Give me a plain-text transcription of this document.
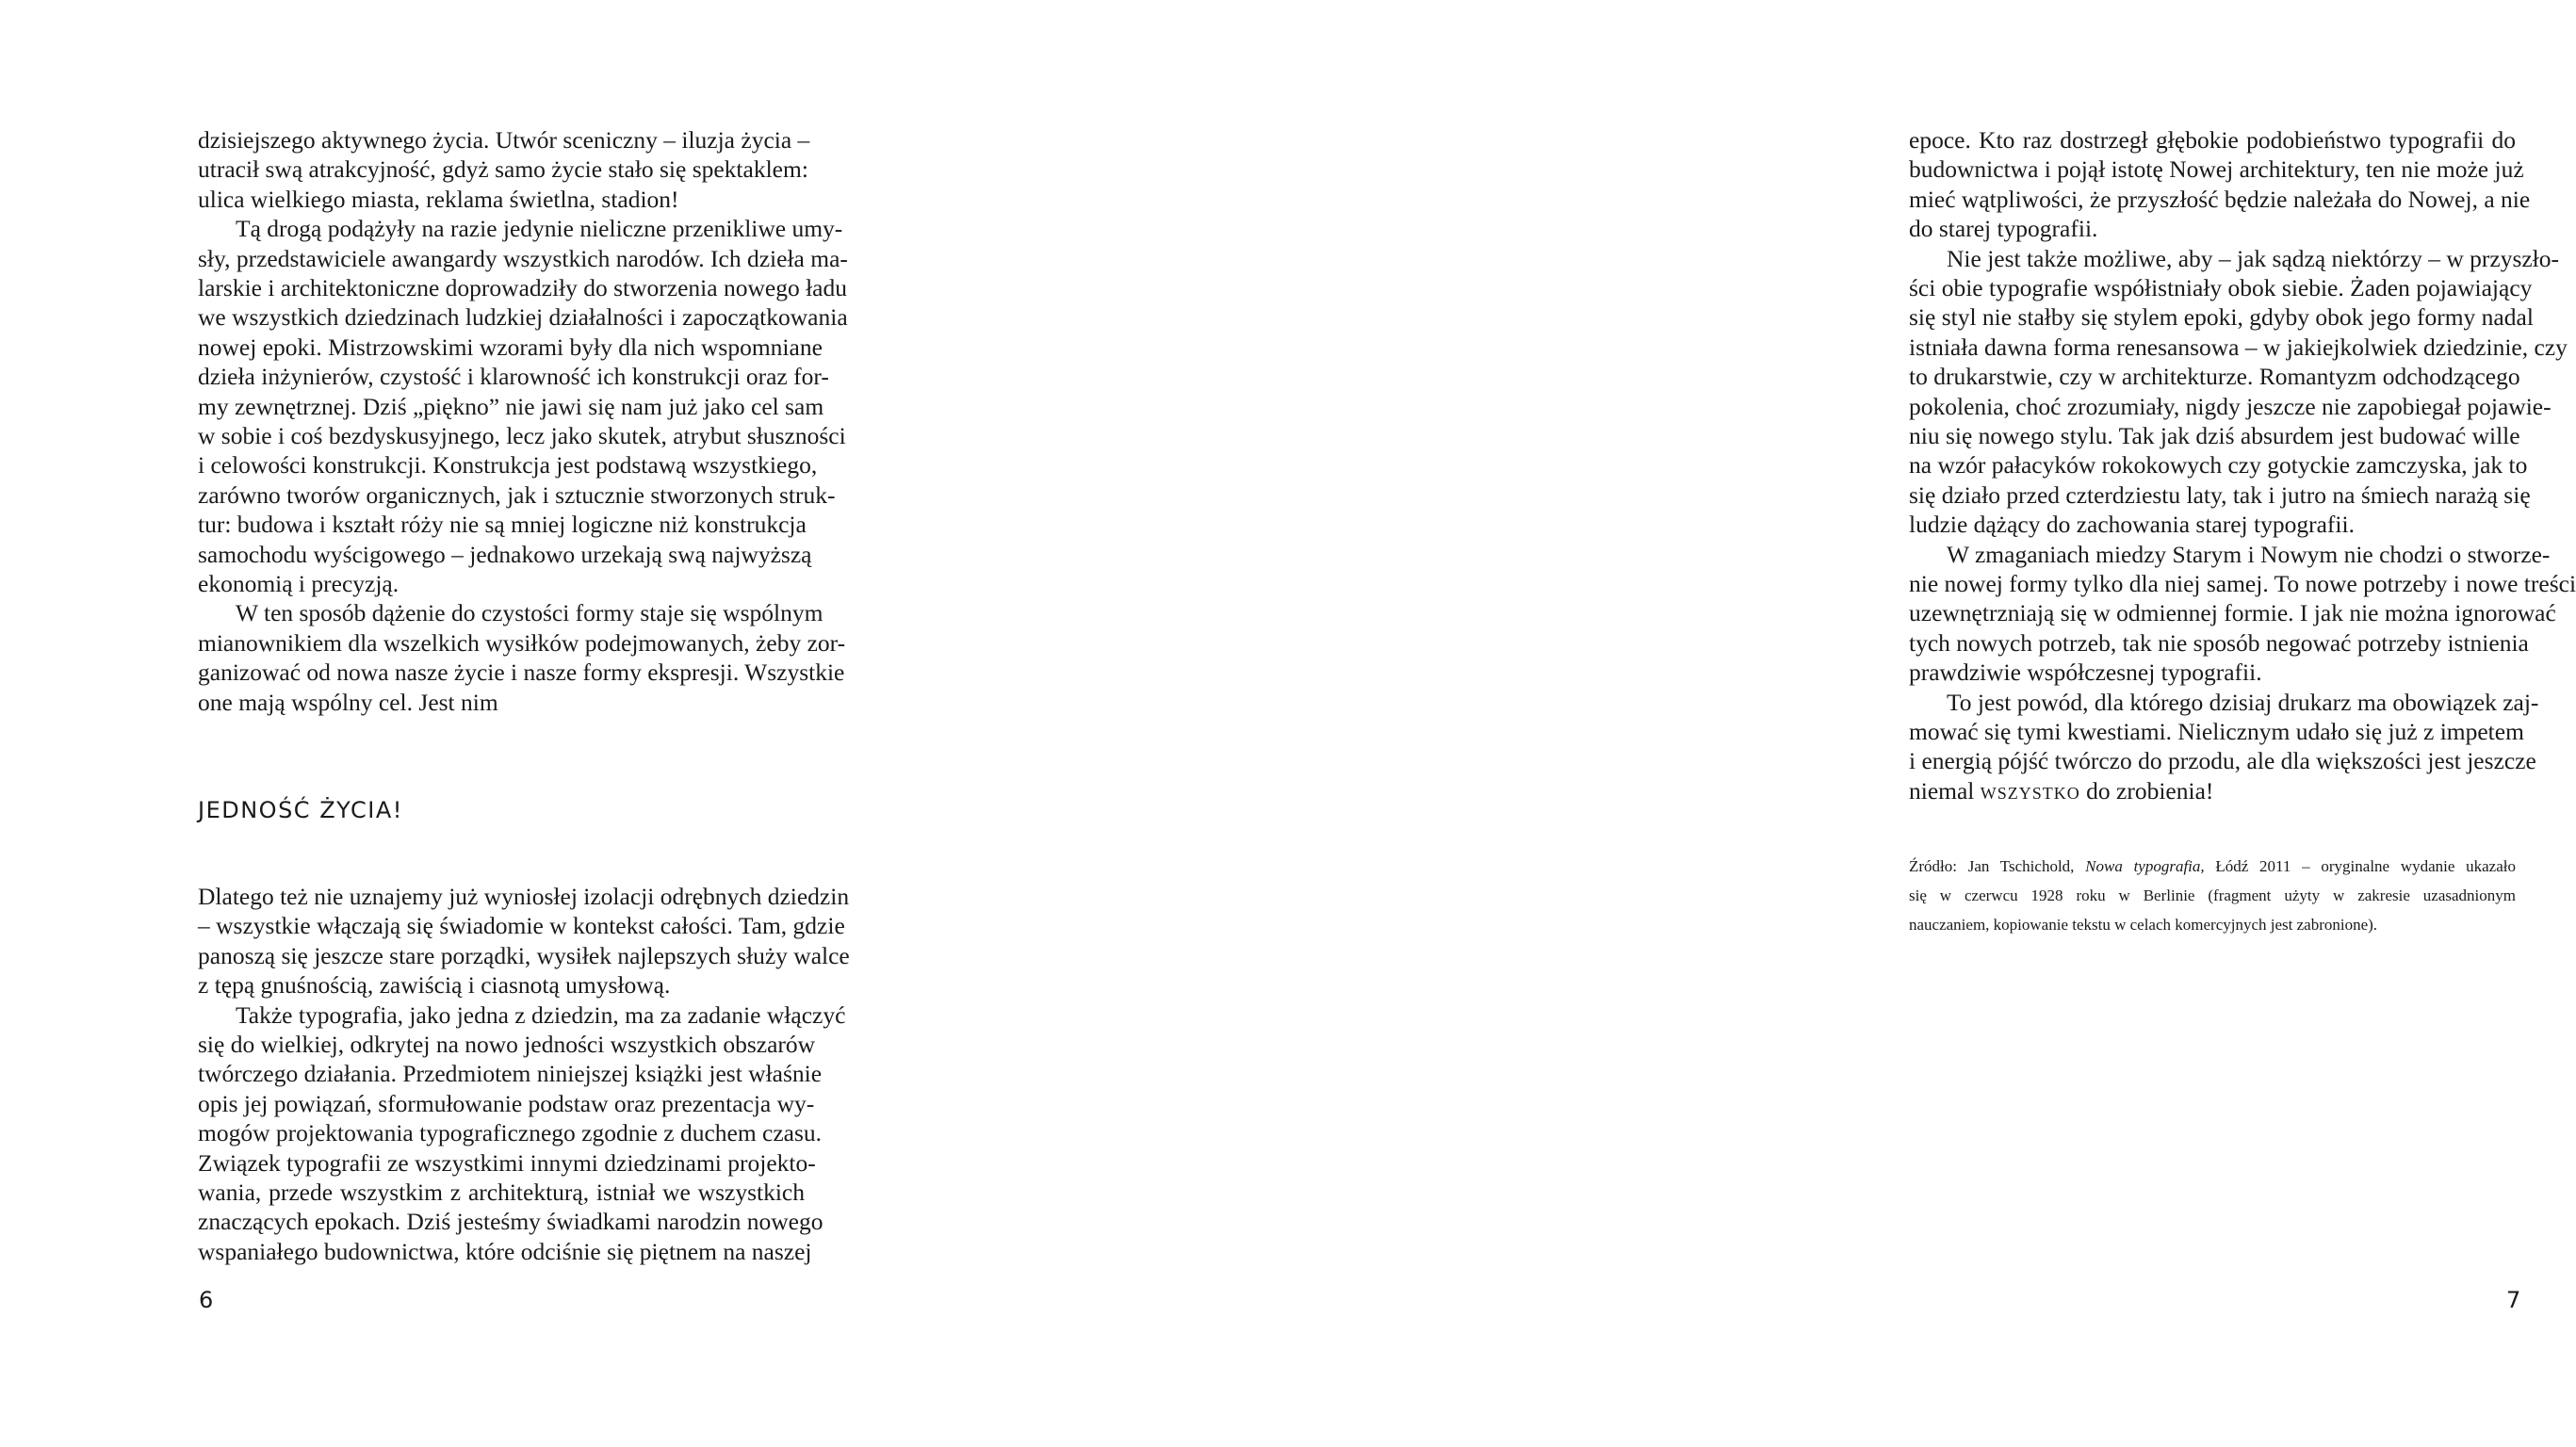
dzisiejszego aktywnego życia. Utwór sceniczny – iluzja życia –
utracił swą atrakcyjność, gdyż samo życie stało się spektaklem:
ulica wielkiego miasta, reklama świetlna, stadion!
Tą drogą podążyły na razie jedynie nieliczne przenikliwe umy-
sły, przedstawiciele awangardy wszystkich narodów. Ich dzieła ma-
larskie i architektoniczne doprowadziły do stworzenia nowego ładu
we wszystkich dziedzinach ludzkiej działalności i zapoczątkowania
nowej epoki. Mistrzowskimi wzorami były dla nich wspomniane
dzieła inżynierów, czystość i klarowność ich konstrukcji oraz for-
my zewnętrznej. Dziś „piękno” nie jawi się nam już jako cel sam
w sobie i coś bezdyskusyjnego, lecz jako skutek, atrybut słuszności
i celowości konstrukcji. Konstrukcja jest podstawą wszystkiego,
zarówno tworów organicznych, jak i sztucznie stworzonych struk-
tur: budowa i kształt róży nie są mniej logiczne niż konstrukcja
samochodu wyścigowego – jednakowo urzekają swą najwyższą
ekonomią i precyzją.
W ten sposób dążenie do czystości formy staje się wspólnym
mianownikiem dla wszelkich wysiłków podejmowanych, żeby zor-
ganizować od nowa nasze życie i nasze formy ekspresji. Wszystkie
one mają wspólny cel. Jest nim
JEDNOŚĆ ŻYCIA!
Dlatego też nie uznajemy już wyniosłej izolacji odrębnych dziedzin
– wszystkie włączają się świadomie w kontekst całości. Tam, gdzie
panoszą się jeszcze stare porządki, wysiłek najlepszych służy walce
z tępą gnuśnością, zawiścią i ciasnotą umysłową.
Także typografia, jako jedna z dziedzin, ma za zadanie włączyć
się do wielkiej, odkrytej na nowo jedności wszystkich obszarów
twórczego działania. Przedmiotem niniejszej książki jest właśnie
opis jej powiązań, sformułowanie podstaw oraz prezentacja wy-
mogów projektowania typograficznego zgodnie z duchem czasu.
Związek typografii ze wszystkimi innymi dziedzinami projekto-
wania, przede wszystkim z architekturą, istniał we wszystkich
znaczących epokach. Dziś jesteśmy świadkami narodzin nowego
wspaniałego budownictwa, które odciśnie się piętnem na naszej
6
epoce. Kto raz dostrzegł głębokie podobieństwo typografii do
budownictwa i pojął istotę Nowej architektury, ten nie może już
mieć wątpliwości, że przyszłość będzie należała do Nowej, a nie
do starej typografii.
Nie jest także możliwe, aby – jak sądzą niektórzy – w przyszło-
ści obie typografie współistniały obok siebie. Żaden pojawiający
się styl nie stałby się stylem epoki, gdyby obok jego formy nadal
istniała dawna forma renesansowa – w jakiejkolwiek dziedzinie, czy
to drukarstwie, czy w architekturze. Romantyzm odchodzącego
pokolenia, choć zrozumiały, nigdy jeszcze nie zapobiegał pojawie-
niu się nowego stylu. Tak jak dziś absurdem jest budować wille
na wzór pałacyków rokokowych czy gotyckie zamczyska, jak to
się działo przed czterdziestu laty, tak i jutro na śmiech narażą się
ludzie dążący do zachowania starej typografii.
W zmaganiach miedzy Starym i Nowym nie chodzi o stworze-
nie nowej formy tylko dla niej samej. To nowe potrzeby i nowe treści
uzewnętrzniają się w odmiennej formie. I jak nie można ignorować
tych nowych potrzeb, tak nie sposób negować potrzeby istnienia
prawdziwie współczesnej typografii.
To jest powód, dla którego dzisiaj drukarz ma obowiązek zaj-
mować się tymi kwestiami. Nielicznym udało się już z impetem
i energią pójść twórczo do przodu, ale dla większości jest jeszcze
niemal wszystko do zrobienia!
Źródło: Jan Tschichold, Nowa typografia, Łódź 2011 – oryginalne wydanie ukazało
się w czerwcu 1928 roku w Berlinie (fragment użyty w zakresie uzasadnionym
nauczaniem, kopiowanie tekstu w celach komercyjnych jest zabronione).
7
